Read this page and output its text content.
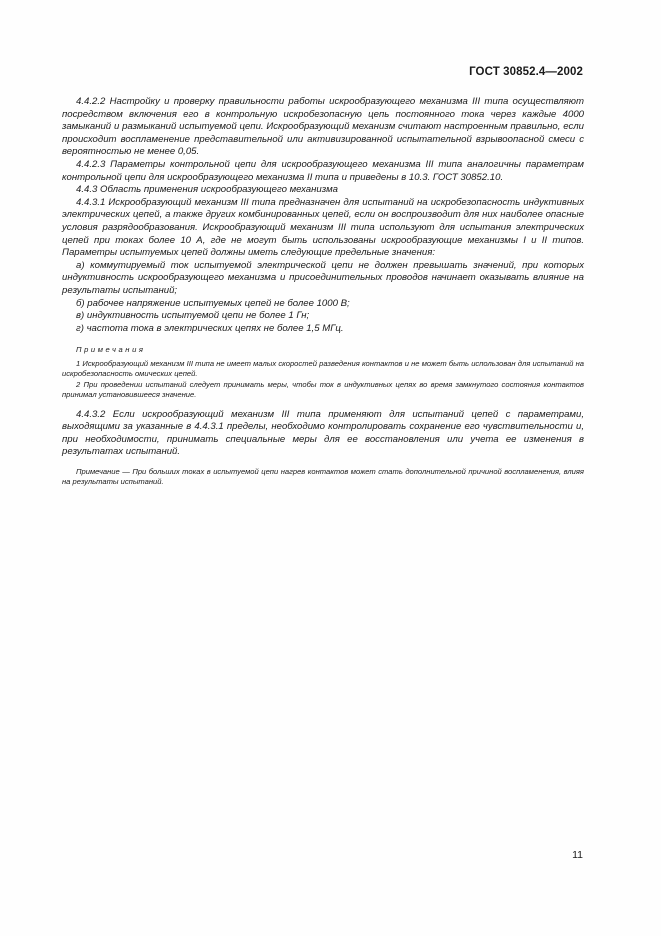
ГОСТ 30852.4—2002

4.4.2.2 Настройку и проверку правильности работы искрообразующего механизма III типа осуществляют посредством включения его в контрольную искробезопасную цепь постоянного тока через каждые 4000 замыканий и размыканий испытуемой цепи. Искрообразующий механизм считают настроенным правильно, если происходит воспламенение представительной или активизированной испытательной взрывоопасной смеси с вероятностью не менее 0,05.

4.4.2.3 Параметры контрольной цепи для искрообразующего механизма III типа аналогичны параметрам контрольной цепи для искрообразующего механизма II типа и приведены в 10.3. ГОСТ 30852.10.

4.4.3 Область применения искрообразующего механизма

4.4.3.1 Искрообразующий механизм III типа предназначен для испытаний на искробезопасность индуктивных электрических цепей, а также других комбинированных цепей, если он воспроизводит для них наиболее опасные условия разрядообразования. Искрообразующий механизм III типа используют для испытания электрических цепей при токах более 10 А, где не могут быть использованы искрообразующие механизмы I и II типов. Параметры испытуемых цепей должны иметь следующие предельные значения:

а) коммутируемый ток испытуемой электрической цепи не должен превышать значений, при которых индуктивность искрообразующего механизма и присоединительных проводов начинает оказывать влияние на результаты испытаний;

б) рабочее напряжение испытуемых цепей не более 1000 В;

в) индуктивность испытуемой цепи не более 1 Гн;

г) частота тока в электрических цепях не более 1,5 МГц.

Примечания

1 Искрообразующий механизм III типа не имеет малых скоростей разведения контактов и не может быть использован для испытаний на искробезопасность омических цепей.

2 При проведении испытаний следует принимать меры, чтобы ток в индуктивных цепях во время замкнутого состояния контактов принимал установившееся значение.

4.4.3.2 Если искрообразующий механизм III типа применяют для испытаний цепей с параметрами, выходящими за указанные в 4.4.3.1 пределы, необходимо контролировать сохранение его чувствительности и, при необходимости, принимать специальные меры для ее восстановления или учета ее изменения в результатах испытаний.

Примечание — При больших токах в испытуемой цепи нагрев контактов может стать дополнительной причиной воспламенения, влияя на результаты испытаний.

11
